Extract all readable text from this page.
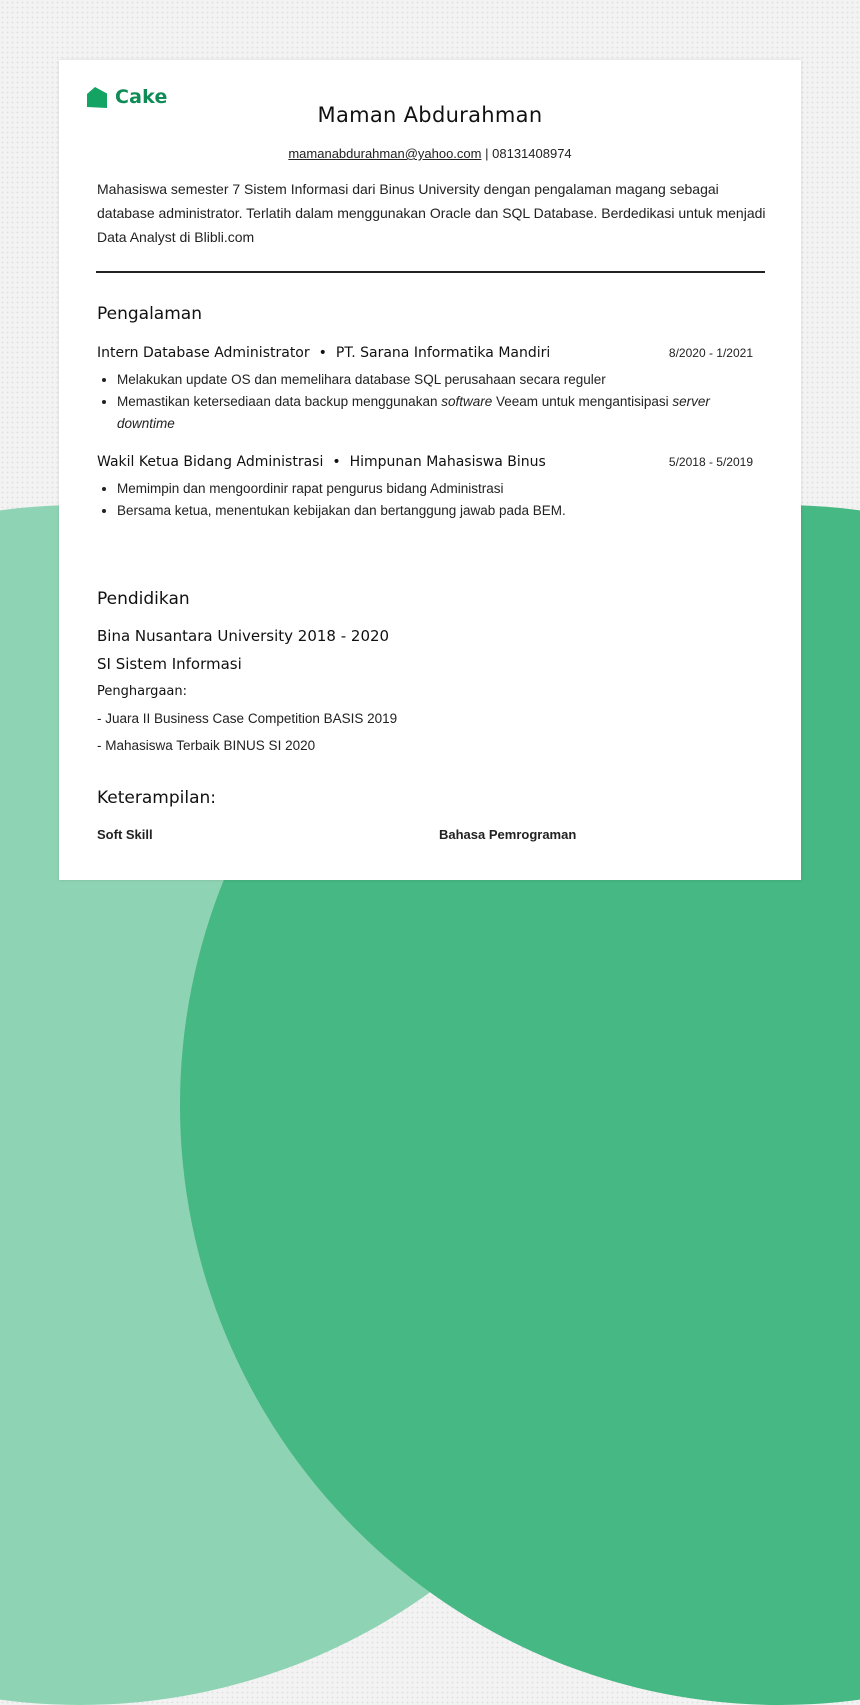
Cake
Maman Abdurahman
mamanabdurahman@yahoo.com | 08131408974
Mahasiswa semester 7 Sistem Informasi dari Binus University dengan pengalaman magang sebagai database administrator. Terlatih dalam menggunakan Oracle dan SQL Database. Berdedikasi untuk menjadi Data Analyst di Blibli.com
Pengalaman
Intern Database Administrator • PT. Sarana Informatika Mandiri	8/2020 - 1/2021
• Melakukan update OS dan memelihara database SQL perusahaan secara reguler
• Memastikan ketersediaan data backup menggunakan software Veeam untuk mengantisipasi server downtime
Wakil Ketua Bidang Administrasi • Himpunan Mahasiswa Binus	5/2018 - 5/2019
• Memimpin dan mengoordinir rapat pengurus bidang Administrasi
• Bersama ketua, menentukan kebijakan dan bertanggung jawab pada BEM.
Pendidikan
Bina Nusantara University 2018 - 2020
SI Sistem Informasi
Penghargaan:
- Juara II Business Case Competition BASIS 2019
- Mahasiswa Terbaik BINUS SI 2020
Keterampilan:
Soft Skill	Bahasa Pemrograman
